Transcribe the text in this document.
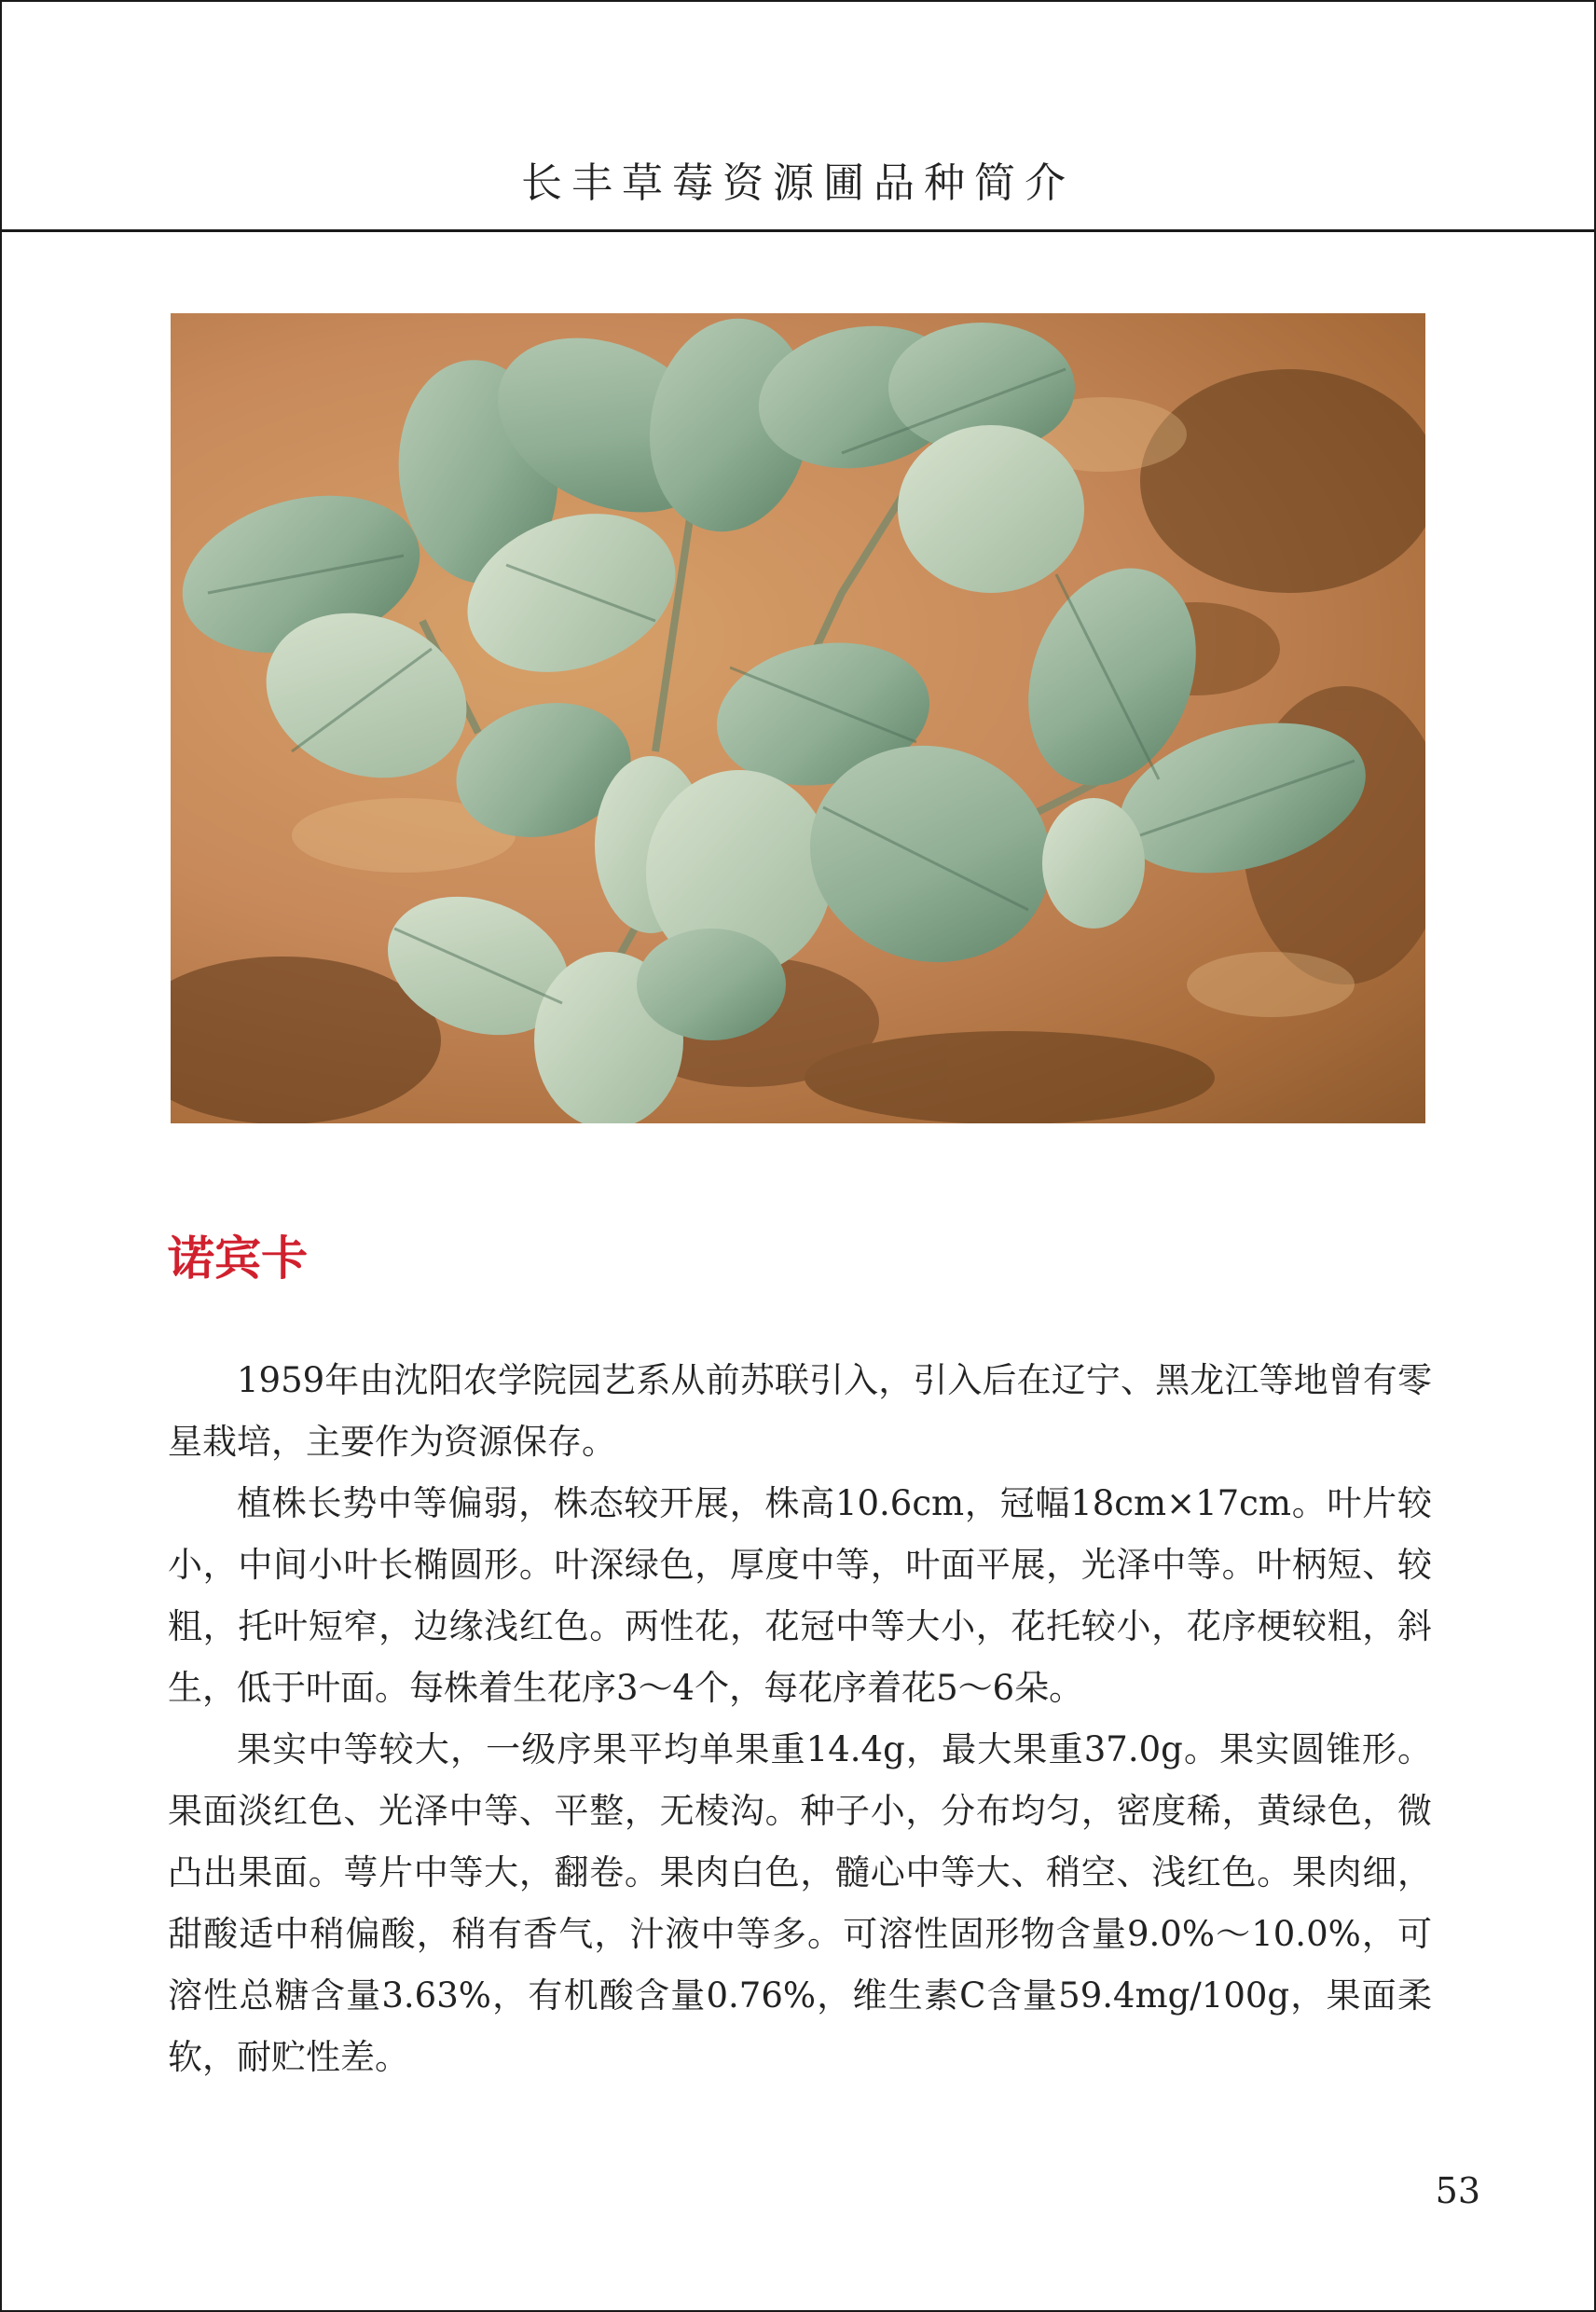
长丰草莓资源圃品种简介
诺宾卡

1959年由沈阳农学院园艺系从前苏联引入，引入后在辽宁、黑龙江等地曾有零星栽培，主要作为资源保存。

植株长势中等偏弱，株态较开展，株高10.6cm，冠幅18cm×17cm。叶片较小，中间小叶长椭圆形。叶深绿色，厚度中等，叶面平展，光泽中等。叶柄短、较粗，托叶短窄，边缘浅红色。两性花，花冠中等大小，花托较小，花序梗较粗，斜生，低于叶面。每株着生花序3～4个，每花序着花5～6朵。

果实中等较大，一级序果平均单果重14.4g，最大果重37.0g。果实圆锥形。果面淡红色、光泽中等、平整，无棱沟。种子小，分布均匀，密度稀，黄绿色，微凸出果面。萼片中等大，翻卷。果肉白色，髓心中等大、稍空、浅红色。果肉细，甜酸适中稍偏酸，稍有香气，汁液中等多。可溶性固形物含量9.0%～10.0%，可溶性总糖含量3.63%，有机酸含量0.76%，维生素C含量59.4mg/100g，果面柔软，耐贮性差。

53
